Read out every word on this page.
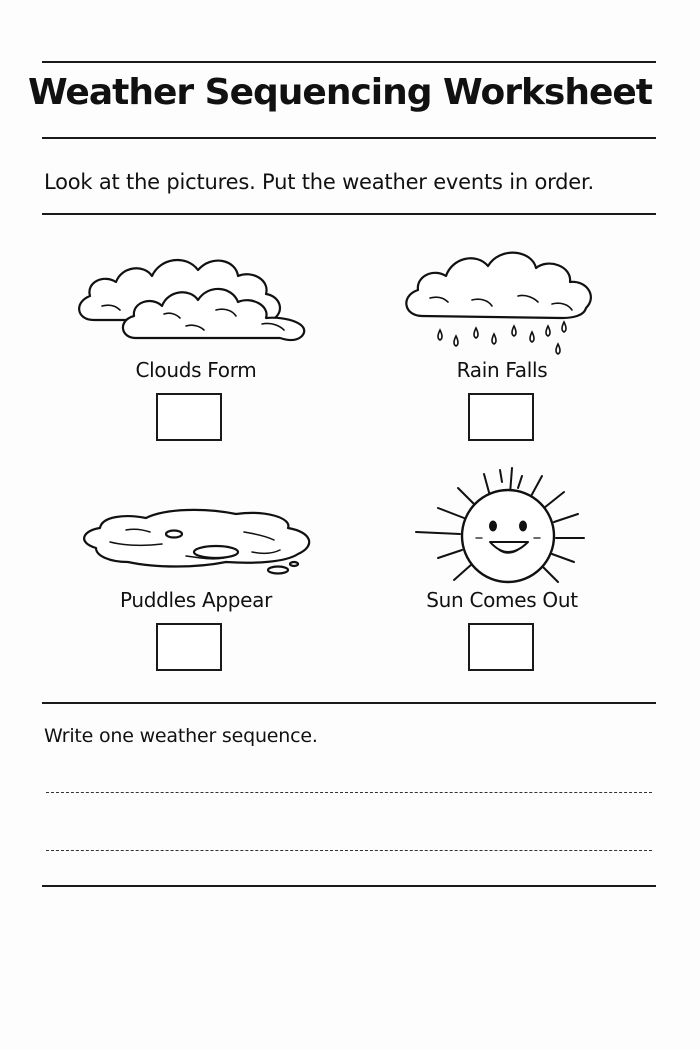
Weather Sequencing Worksheet
Look at the pictures. Put the weather events in order.
Clouds Form	Rain Falls
Puddles Appear	Sun Comes Out
Write one weather sequence.
